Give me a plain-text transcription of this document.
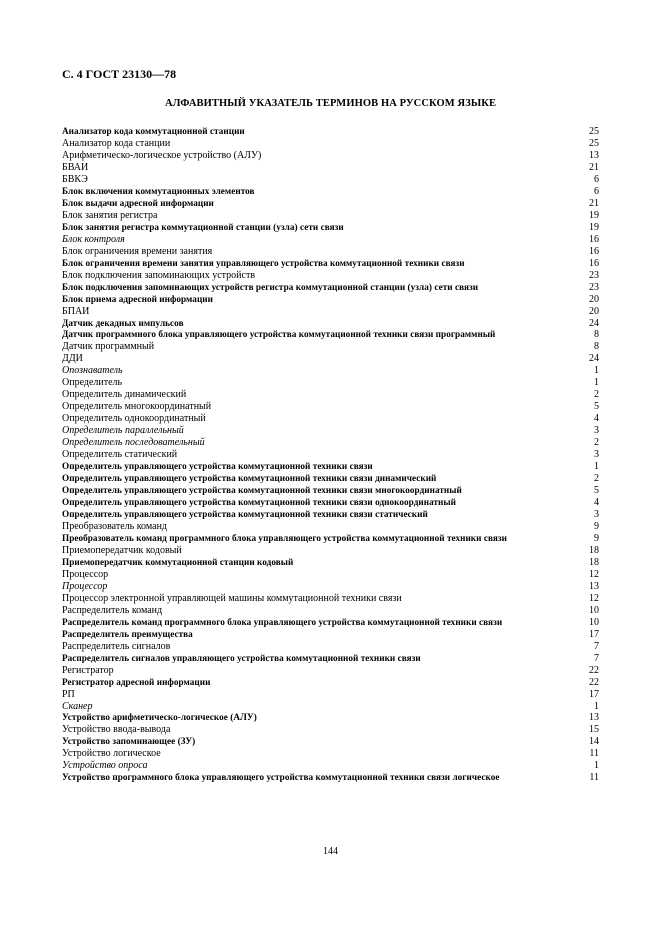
С. 4 ГОСТ 23130—78
АЛФАВИТНЫЙ УКАЗАТЕЛЬ ТЕРМИНОВ НА РУССКОМ ЯЗЫКЕ
Анализатор кода коммутационной станции	25
Анализатор кода станции	25
Арифметическо-логическое устройство (АЛУ)	13
БВАИ	21
БВКЭ	6
Блок включения коммутационных элементов	6
Блок выдачи адресной информации	21
Блок занятия регистра	19
Блок занятия регистра коммутационной станции (узла) сети связи	19
Блок контроля	16
Блок ограничения времени занятия	16
Блок ограничения времени занятия управляющего устройства коммутационной техники связи	16
Блок подключения запоминающих устройств	23
Блок подключения запоминающих устройств регистра коммутационной станции (узла) сети связи	23
Блок приема адресной информации	20
БПАИ	20
Датчик декадных импульсов	24
Датчик программного блока управляющего устройства коммутационной техники связи программный	8
Датчик программный	8
ДДИ	24
Опознаватель	1
Определитель	1
Определитель динамический	2
Определитель многокоординатный	5
Определитель однокоординатный	4
Определитель параллельный	3
Определитель последовательный	2
Определитель статический	3
Определитель управляющего устройства коммутационной техники связи	1
Определитель управляющего устройства коммутационной техники связи динамический	2
Определитель управляющего устройства коммутационной техники связи многокоординатный	5
Определитель управляющего устройства коммутационной техники связи однокоординатный	4
Определитель управляющего устройства коммутационной техники связи статический	3
Преобразователь команд	9
Преобразователь команд программного блока управляющего устройства коммутационной техники связи	9
Приемопередатчик кодовый	18
Приемопередатчик коммутационной станции кодовый	18
Процессор	12
Процессор	13
Процессор электронной управляющей машины коммутационной техники связи	12
Распределитель команд	10
Распределитель команд программного блока управляющего устройства коммутационной техники связи	10
Распределитель преимущества	17
Распределитель сигналов	7
Распределитель сигналов управляющего устройства коммутационной техники связи	7
Регистратор	22
Регистратор адресной информации	22
РП	17
Сканер	1
Устройство арифметическо-логическое (АЛУ)	13
Устройство ввода-вывода	15
Устройство запоминающее (ЗУ)	14
Устройство логическое	11
Устройство опроса	1
Устройство программного блока управляющего устройства коммутационной техники связи логическое	11
144
